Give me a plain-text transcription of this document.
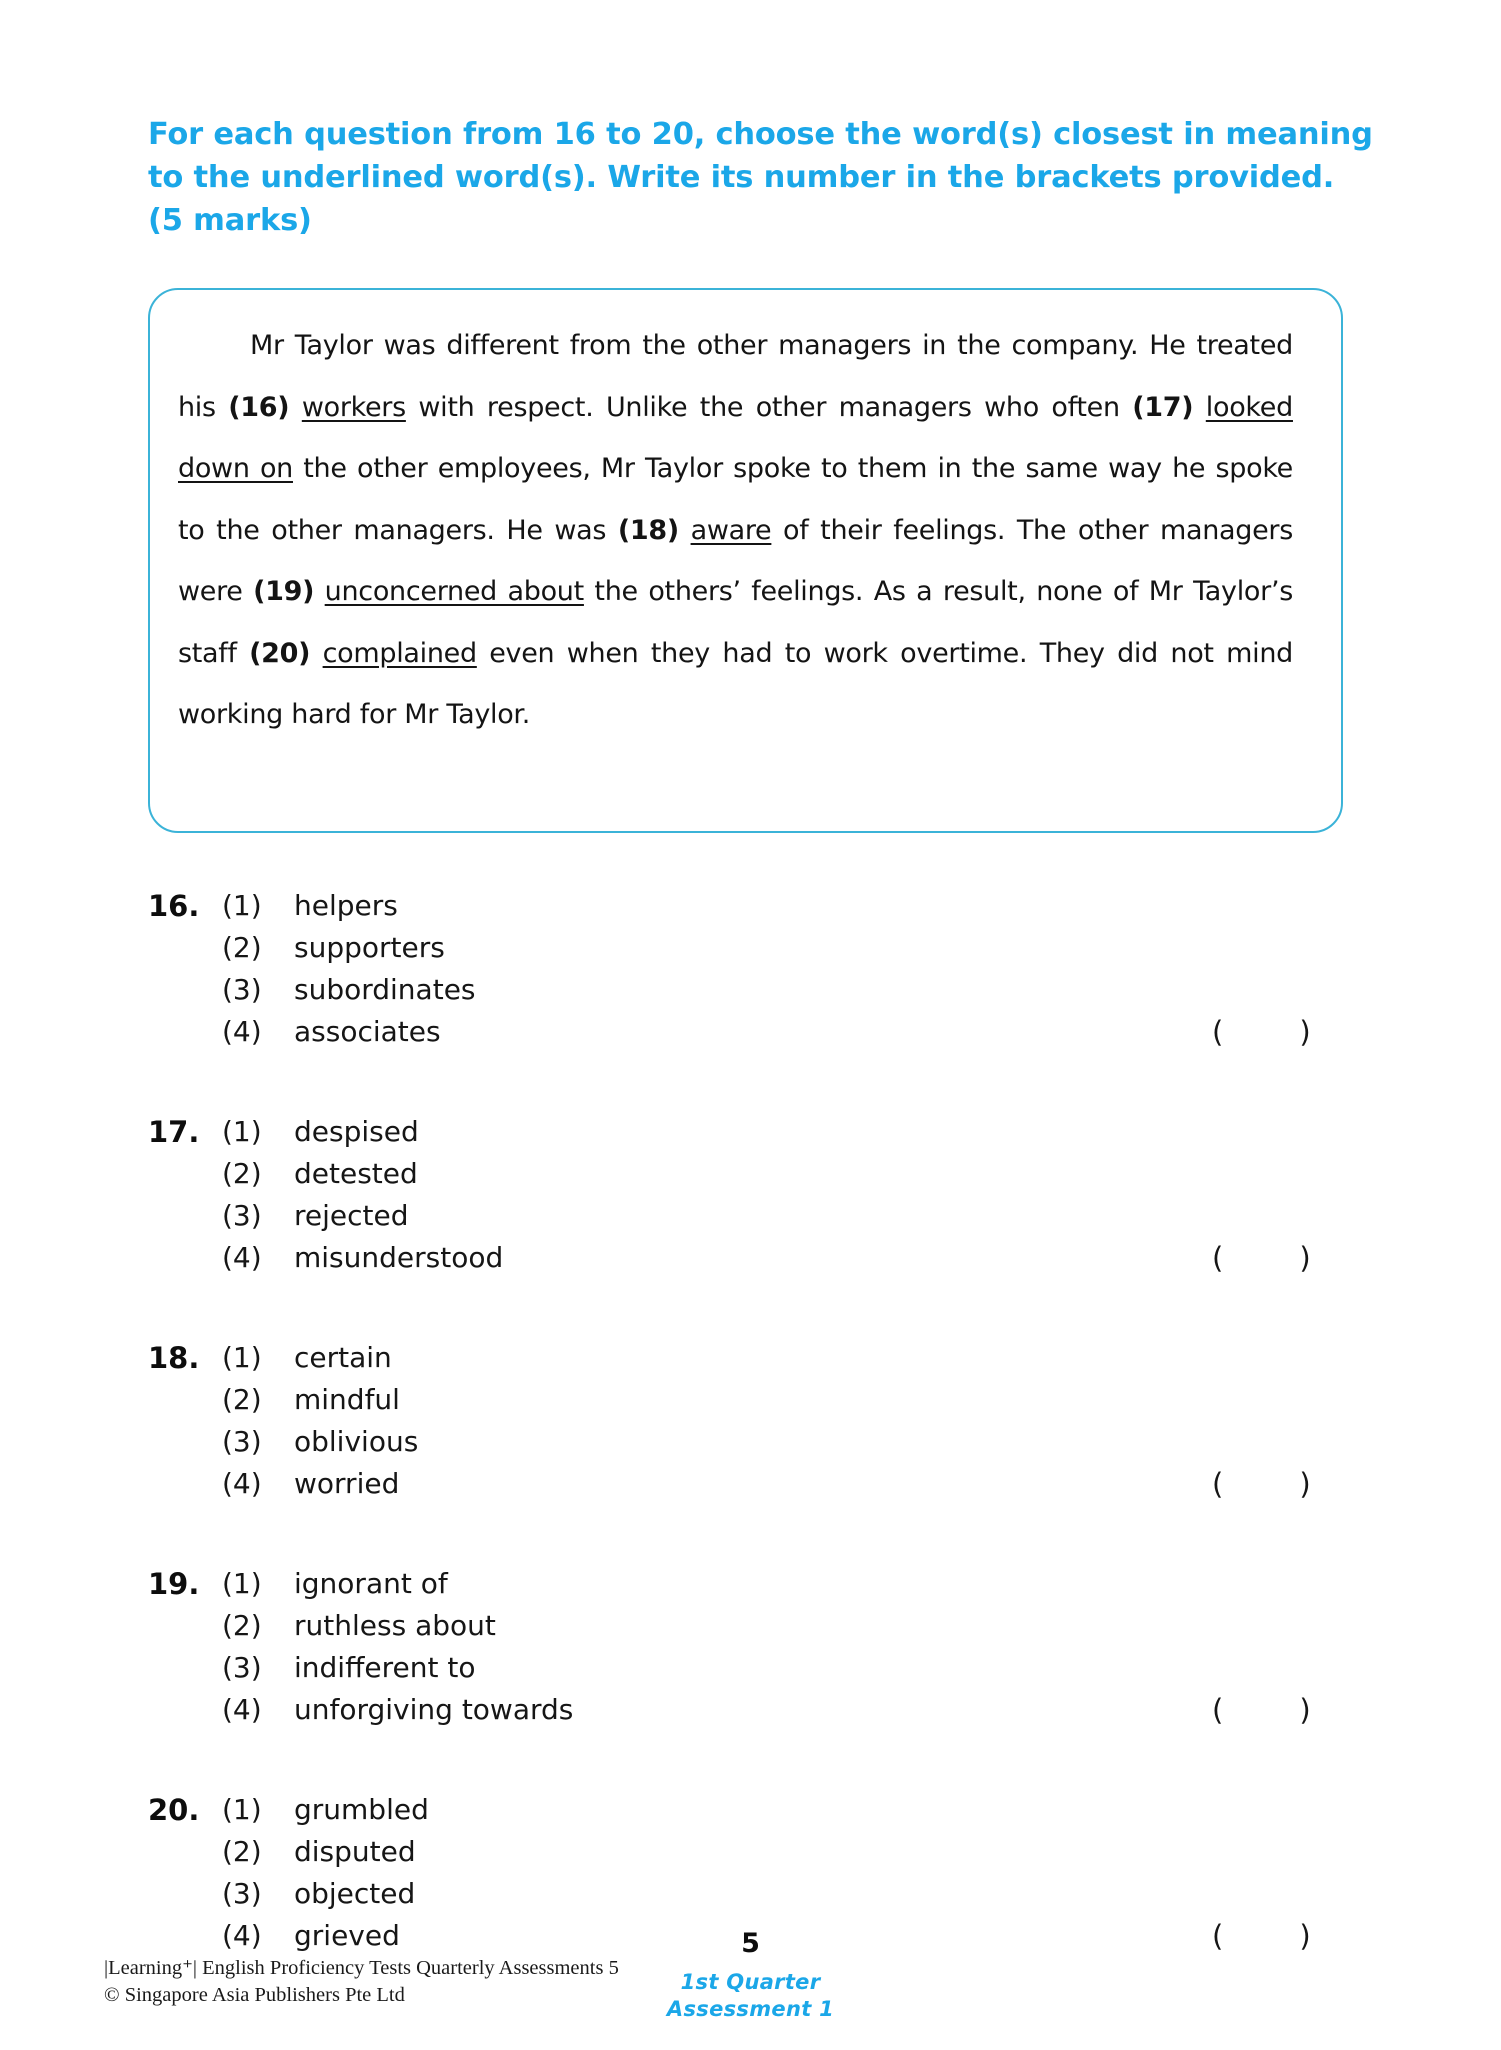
For each question from 16 to 20, choose the word(s) closest in meaning
to the underlined word(s). Write its number in the brackets provided.
(5 marks)
Mr Taylor was different from the other managers in the company. He treated his (16) workers with respect. Unlike the other managers who often (17) looked down on the other employees, Mr Taylor spoke to them in the same way he spoke to the other managers. He was (18) aware of their feelings. The other managers were (19) unconcerned about the others’ feelings. As a result, none of Mr Taylor’s staff (20) complained even when they had to work overtime. They did not mind working hard for Mr Taylor.
16. (1) helpers
(2) supporters
(3) subordinates
(4) associates	(	)
17. (1) despised
(2) detested
(3) rejected
(4) misunderstood	(	)
18. (1) certain
(2) mindful
(3) oblivious
(4) worried	(	)
19. (1) ignorant of
(2) ruthless about
(3) indifferent to
(4) unforgiving towards	(	)
20. (1) grumbled
(2) disputed
(3) objected
(4) grieved	(	)
|Learning⁺| English Proficiency Tests Quarterly Assessments 5
© Singapore Asia Publishers Pte Ltd
5
1st Quarter
Assessment 1
